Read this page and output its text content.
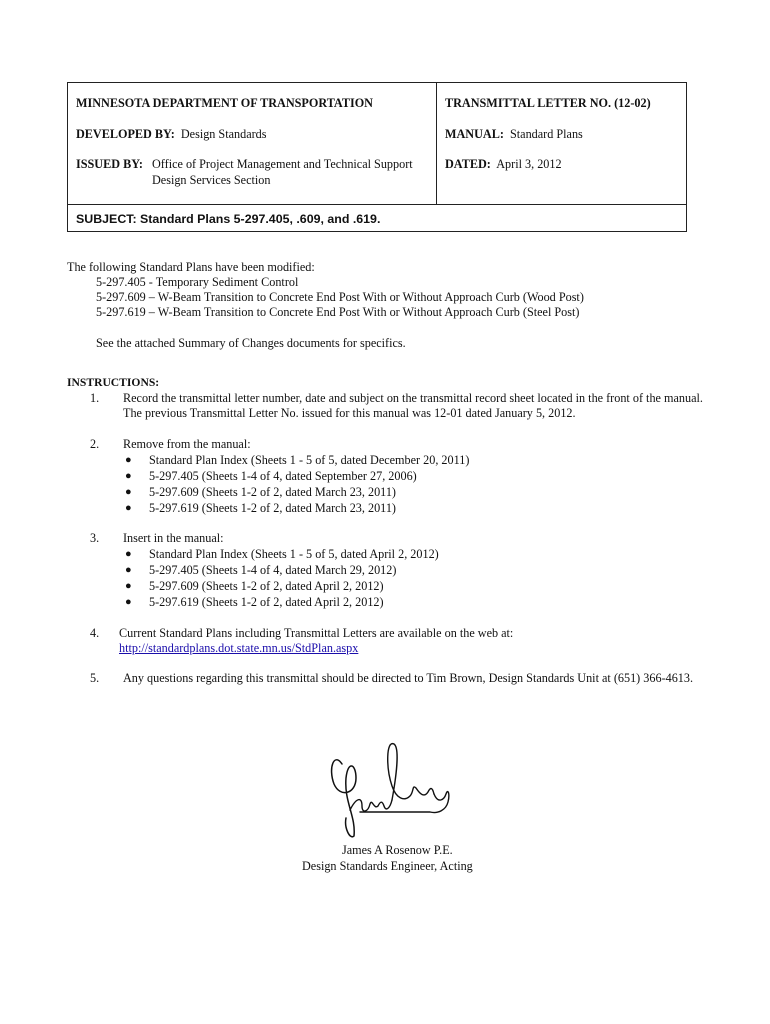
MINNESOTA DEPARTMENT OF TRANSPORTATION	TRANSMITTAL LETTER NO. (12-02)
DEVELOPED BY: Design Standards	MANUAL: Standard Plans
ISSUED BY: Office of Project Management and Technical Support
Design Services Section
DATED: April 3, 2012
SUBJECT: Standard Plans 5-297.405, .609, and .619.
The following Standard Plans have been modified:
5-297.405 - Temporary Sediment Control
5-297.609 – W-Beam Transition to Concrete End Post With or Without Approach Curb (Wood Post)
5-297.619 – W-Beam Transition to Concrete End Post With or Without Approach Curb (Steel Post)
See the attached Summary of Changes documents for specifics.
INSTRUCTIONS:
1. Record the transmittal letter number, date and subject on the transmittal record sheet located in the front of the manual.
The previous Transmittal Letter No. issued for this manual was 12-01 dated January 5, 2012.
2. Remove from the manual:
● Standard Plan Index (Sheets 1 - 5 of 5, dated December 20, 2011)
● 5-297.405 (Sheets 1-4 of 4, dated September 27, 2006)
● 5-297.609 (Sheets 1-2 of 2, dated March 23, 2011)
● 5-297.619 (Sheets 1-2 of 2, dated March 23, 2011)
3. Insert in the manual:
● Standard Plan Index (Sheets 1 - 5 of 5, dated April 2, 2012)
● 5-297.405 (Sheets 1-4 of 4, dated March 29, 2012)
● 5-297.609 (Sheets 1-2 of 2, dated April 2, 2012)
● 5-297.619 (Sheets 1-2 of 2, dated April 2, 2012)
4. Current Standard Plans including Transmittal Letters are available on the web at:
http://standardplans.dot.state.mn.us/StdPlan.aspx
5. Any questions regarding this transmittal should be directed to Tim Brown, Design Standards Unit at (651) 366-4613.
James A Rosenow P.E.
Design Standards Engineer, Acting
